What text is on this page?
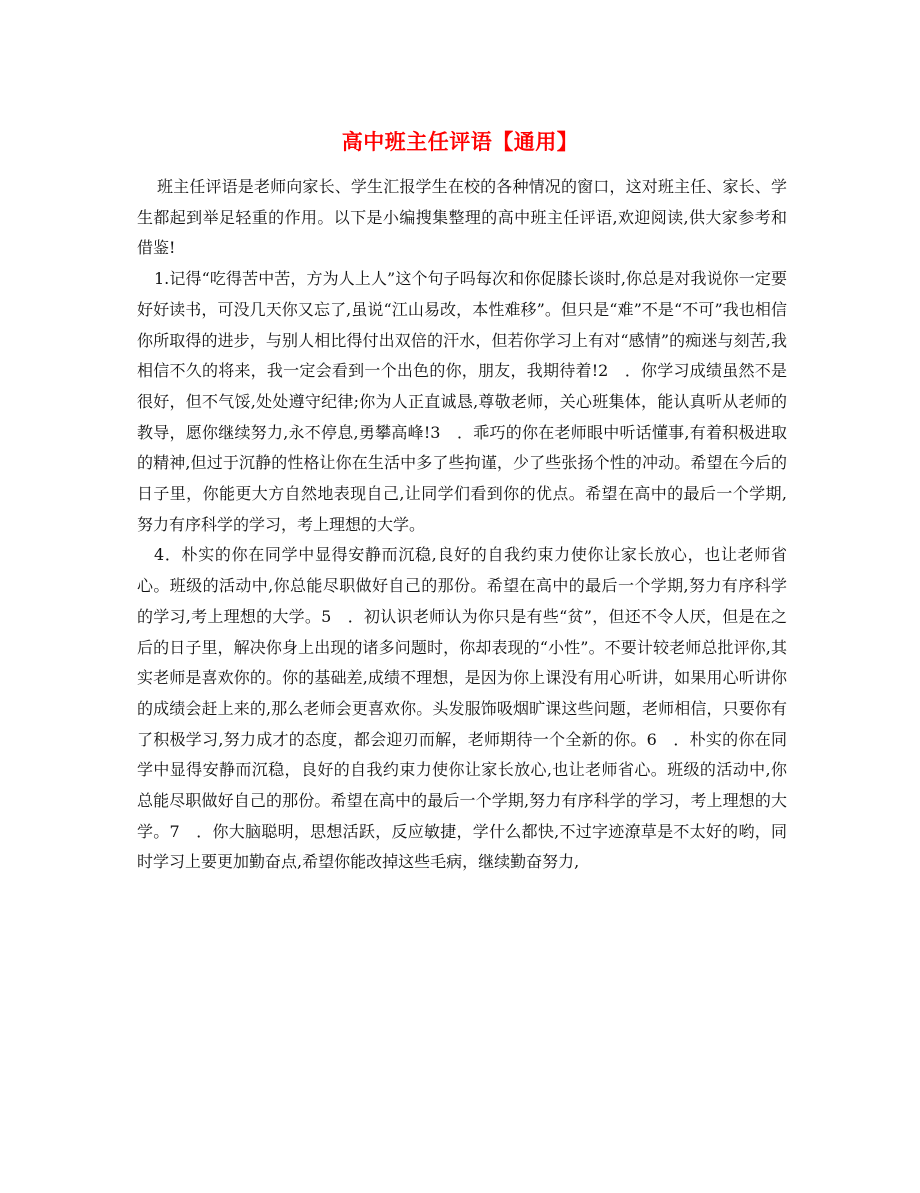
高中班主任评语【通用】

班主任评语是老师向家长、学生汇报学生在校的各种情况的窗口，这对班主任、家长、学生都起到举足轻重的作用。以下是小编搜集整理的高中班主任评语,欢迎阅读,供大家参考和借鉴!

1.记得“吃得苦中苦，方为人上人”这个句子吗每次和你促膝长谈时,你总是对我说你一定要好好读书，可没几天你又忘了,虽说“江山易改，本性难移”。但只是“难”不是“不可”我也相信你所取得的进步，与别人相比得付出双倍的汗水，但若你学习上有对“感情”的痴迷与刻苦,我相信不久的将来，我一定会看到一个出色的你，朋友，我期待着!2　．你学习成绩虽然不是很好，但不气馁,处处遵守纪律;你为人正直诚恳,尊敬老师，关心班集体，能认真听从老师的教导，愿你继续努力,永不停息,勇攀高峰!3　．乖巧的你在老师眼中听话懂事,有着积极进取的精神,但过于沉静的性格让你在生活中多了些拘谨，少了些张扬个性的冲动。希望在今后的日子里，你能更大方自然地表现自己,让同学们看到你的优点。希望在高中的最后一个学期,努力有序科学的学习，考上理想的大学。

4．朴实的你在同学中显得安静而沉稳,良好的自我约束力使你让家长放心，也让老师省心。班级的活动中,你总能尽职做好自己的那份。希望在高中的最后一个学期,努力有序科学的学习,考上理想的大学。5　．初认识老师认为你只是有些“贫”，但还不令人厌，但是在之后的日子里，解决你身上出现的诸多问题时，你却表现的“小性”。不要计较老师总批评你,其实老师是喜欢你的。你的基础差,成绩不理想，是因为你上课没有用心听讲，如果用心听讲你的成绩会赶上来的,那么老师会更喜欢你。头发服饰吸烟旷课这些问题，老师相信，只要你有了积极学习,努力成才的态度，都会迎刃而解，老师期待一个全新的你。6　．朴实的你在同学中显得安静而沉稳，良好的自我约束力使你让家长放心,也让老师省心。班级的活动中,你总能尽职做好自己的那份。希望在高中的最后一个学期,努力有序科学的学习，考上理想的大学。7　．你大脑聪明，思想活跃，反应敏捷，学什么都快,不过字迹潦草是不太好的哟，同时学习上要更加勤奋点,希望你能改掉这些毛病，继续勤奋努力,
